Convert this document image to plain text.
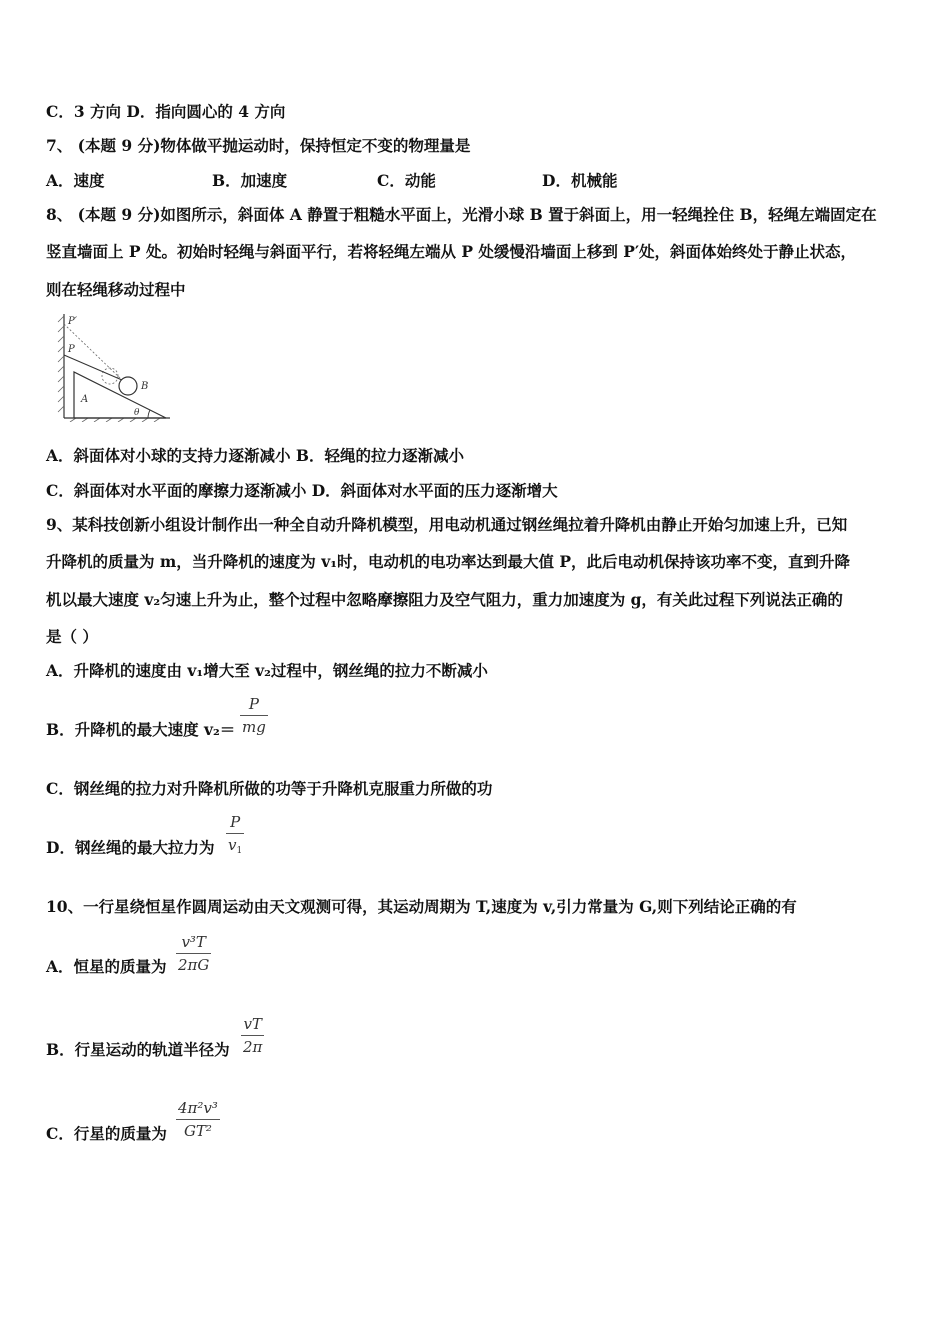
C．3 方向 D．指向圆心的 4 方向
7、 (本题 9 分)物体做平抛运动时，保持恒定不变的物理量是
A．速度	B．加速度	C．动能	D．机械能
8、 (本题 9 分)如图所示，斜面体 A 静置于粗糙水平面上，光滑小球 B 置于斜面上，用一轻绳拴住 B，轻绳左端固定在
竖直墙面上 P 处。初始时轻绳与斜面平行，若将轻绳左端从 P 处缓慢沿墙面上移到 P′处，斜面体始终处于静止状态，
则在轻绳移动过程中
P′
P
B
A
θ
A．斜面体对小球的支持力逐渐减小 B．轻绳的拉力逐渐减小
C．斜面体对水平面的摩擦力逐渐减小 D．斜面体对水平面的压力逐渐增大
9、某科技创新小组设计制作出一种全自动升降机模型，用电动机通过钢丝绳拉着升降机由静止开始匀加速上升，已知
升降机的质量为 m，当升降机的速度为 v₁时，电动机的电功率达到最大值 P，此后电动机保持该功率不变，直到升降
机以最大速度 v₂匀速上升为止，整个过程中忽略摩擦阻力及空气阻力，重力加速度为 g，有关此过程下列说法正确的
是（ ）
A．升降机的速度由 v₁增大至 v₂过程中，钢丝绳的拉力不断减小
B．升降机的最大速度 v₂＝
P
mg
C．钢丝绳的拉力对升降机所做的功等于升降机克服重力所做的功
D．钢丝绳的最大拉力为
P
$v_1$
10、一行星绕恒星作圆周运动由天文观测可得，其运动周期为 T,速度为 v,引力常量为 G,则下列结论正确的有
A．恒星的质量为
v³T
2πG
B．行星运动的轨道半径为
vT
2π
C．行星的质量为
4π²v³
GT²
